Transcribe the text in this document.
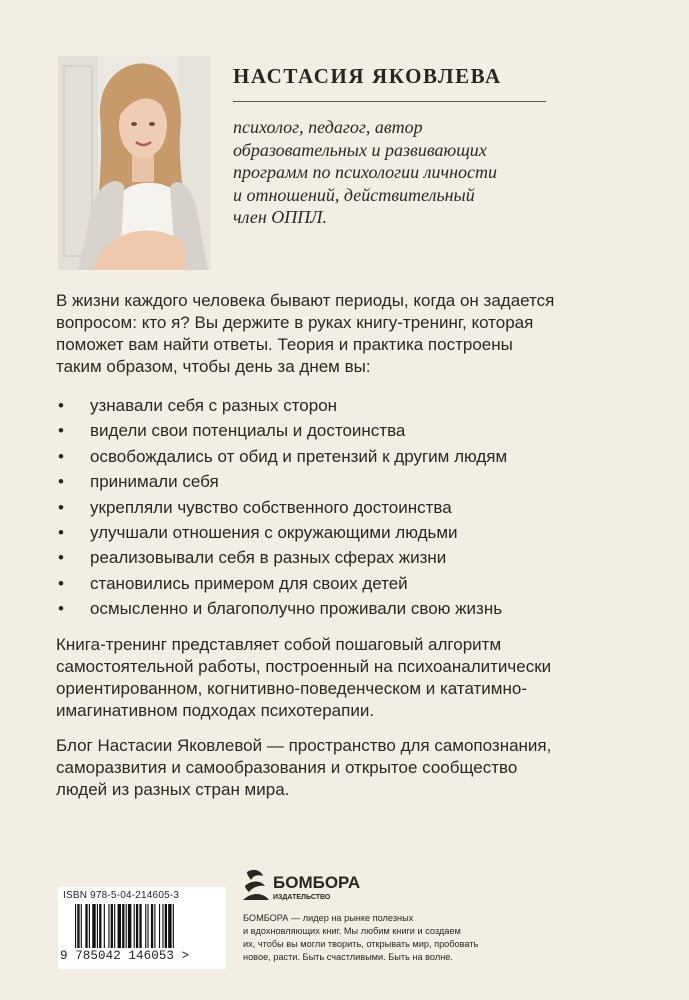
НАСТАСИЯ ЯКОВЛЕВА
психолог, педагог, автор
образовательных и развивающих
программ по психологии личности
и отношений, действительный
член ОППЛ.
В жизни каждого человека бывают периоды, когда он задается
вопросом: кто я? Вы держите в руках книгу-тренинг, которая
поможет вам найти ответы. Теория и практика построены
таким образом, чтобы день за днем вы:
• узнавали себя с разных сторон
• видели свои потенциалы и достоинства
• освобождались от обид и претензий к другим людям
• принимали себя
• укрепляли чувство собственного достоинства
• улучшали отношения с окружающими людьми
• реализовывали себя в разных сферах жизни
• становились примером для своих детей
• осмысленно и благополучно проживали свою жизнь
Книга-тренинг представляет собой пошаговый алгоритм
самостоятельной работы, построенный на психоаналитически
ориентированном, когнитивно-поведенческом и кататимно-
имагинативном подходах психотерапии.
Блог Настасии Яковлевой — пространство для самопознания,
саморазвития и самообразования и открытое сообщество
людей из разных стран мира.
ISBN 978-5-04-214605-3
9 785042 146053 >
БОМБОРА
ИЗДАТЕЛЬСТВО
БОМБОРА — лидер на рынке полезных
и вдохновляющих книг. Мы любим книги и создаем
их, чтобы вы могли творить, открывать мир, пробовать
новое, расти. Быть счастливыми. Быть на волне.
